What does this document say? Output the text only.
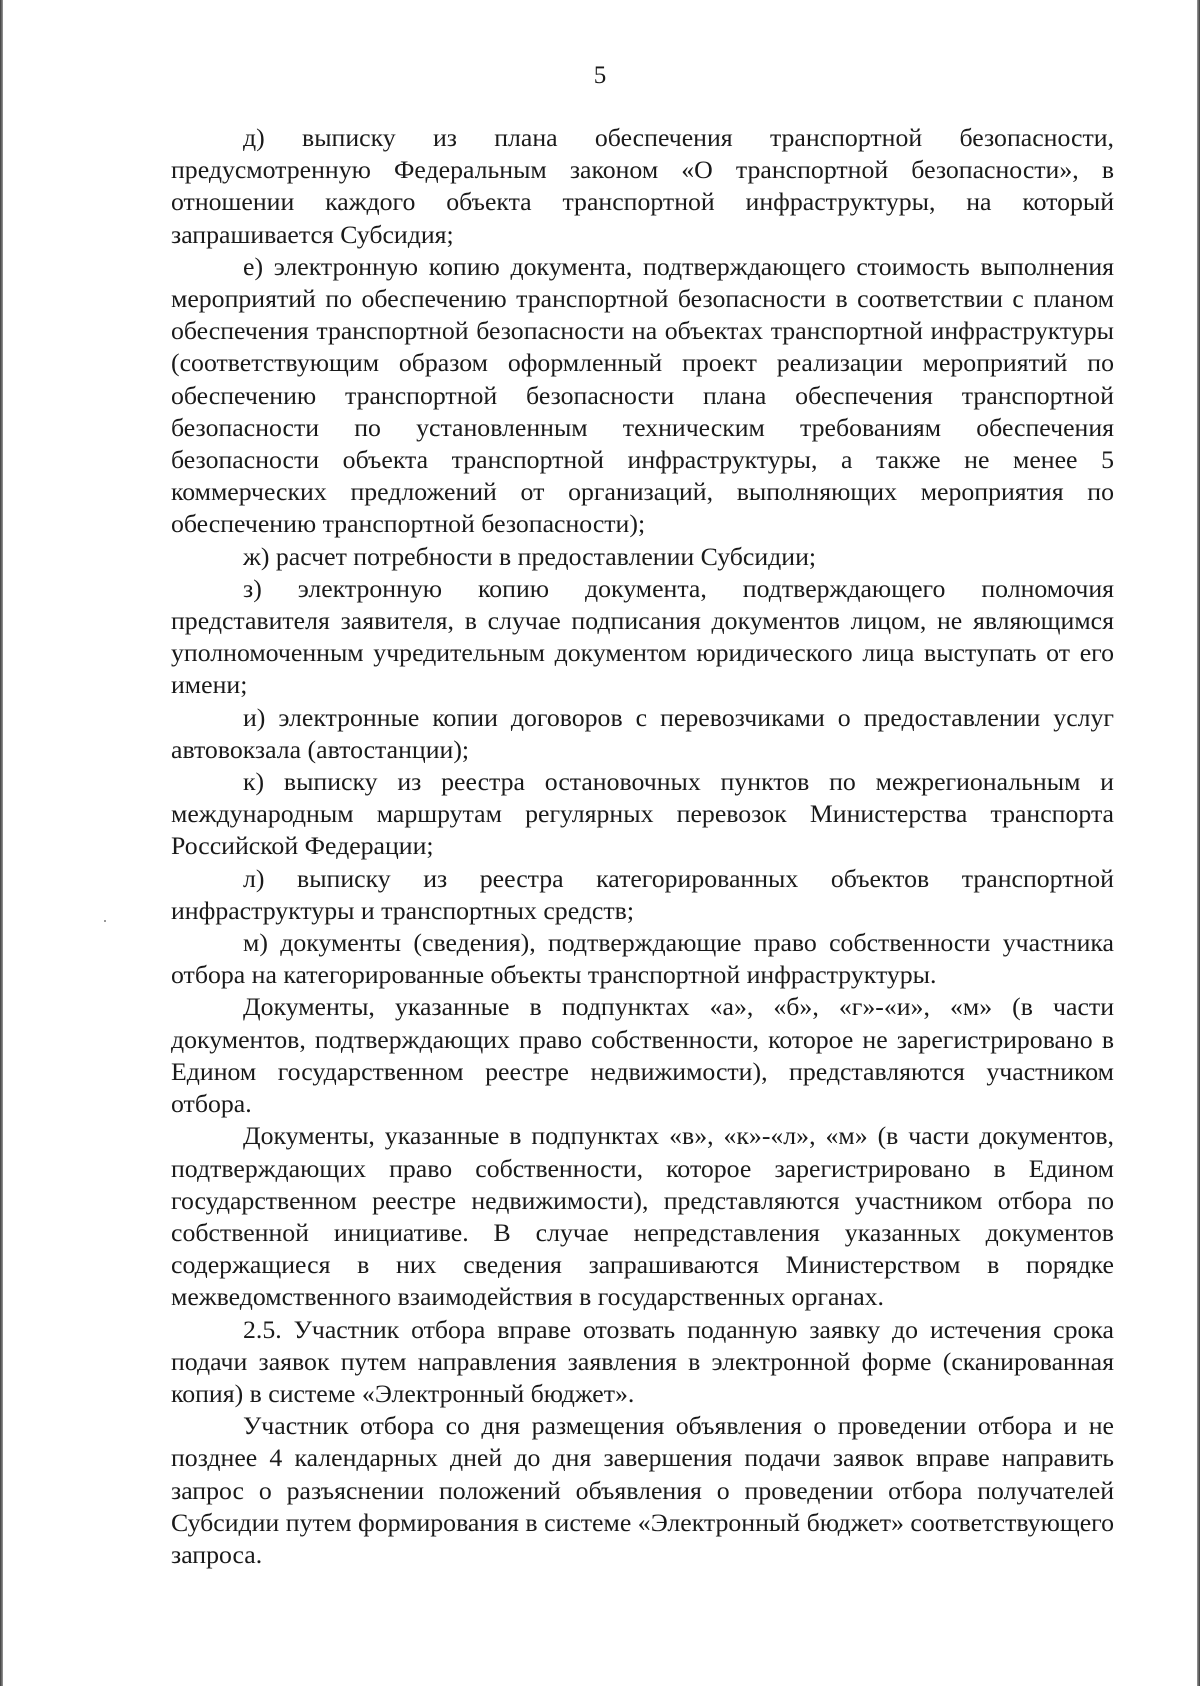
5

д) выписку из плана обеспечения транспортной безопасности, предусмотренную Федеральным законом «О транспортной безопасности», в отношении каждого объекта транспортной инфраструктуры, на который запрашивается Субсидия;

е) электронную копию документа, подтверждающего стоимость выполнения мероприятий по обеспечению транспортной безопасности в соответствии с планом обеспечения транспортной безопасности на объектах транспортной инфраструктуры (соответствующим образом оформленный проект реализации мероприятий по обеспечению транспортной безопасности плана обеспечения транспортной безопасности по установленным техническим требованиям обеспечения безопасности объекта транспортной инфраструктуры, а также не менее 5 коммерческих предложений от организаций, выполняющих мероприятия по обеспечению транспортной безопасности);

ж) расчет потребности в предоставлении Субсидии;

з) электронную копию документа, подтверждающего полномочия представителя заявителя, в случае подписания документов лицом, не являющимся уполномоченным учредительным документом юридического лица выступать от его имени;

и) электронные копии договоров с перевозчиками о предоставлении услуг автовокзала (автостанции);

к) выписку из реестра остановочных пунктов по межрегиональным и международным маршрутам регулярных перевозок Министерства транспорта Российской Федерации;

л) выписку из реестра категорированных объектов транспортной инфраструктуры и транспортных средств;

м) документы (сведения), подтверждающие право собственности участника отбора на категорированные объекты транспортной инфраструктуры.

Документы, указанные в подпунктах «а», «б», «г»-«и», «м» (в части документов, подтверждающих право собственности, которое не зарегистрировано в Едином государственном реестре недвижимости), представляются участником отбора.

Документы, указанные в подпунктах «в», «к»-«л», «м» (в части документов, подтверждающих право собственности, которое зарегистрировано в Едином государственном реестре недвижимости), представляются участником отбора по собственной инициативе. В случае непредставления указанных документов содержащиеся в них сведения запрашиваются Министерством в порядке межведомственного взаимодействия в государственных органах.

2.5. Участник отбора вправе отозвать поданную заявку до истечения срока подачи заявок путем направления заявления в электронной форме (сканированная копия) в системе «Электронный бюджет».

Участник отбора со дня размещения объявления о проведении отбора и не позднее 4 календарных дней до дня завершения подачи заявок вправе направить запрос о разъяснении положений объявления о проведении отбора получателей Субсидии путем формирования в системе «Электронный бюджет» соответствующего запроса.
